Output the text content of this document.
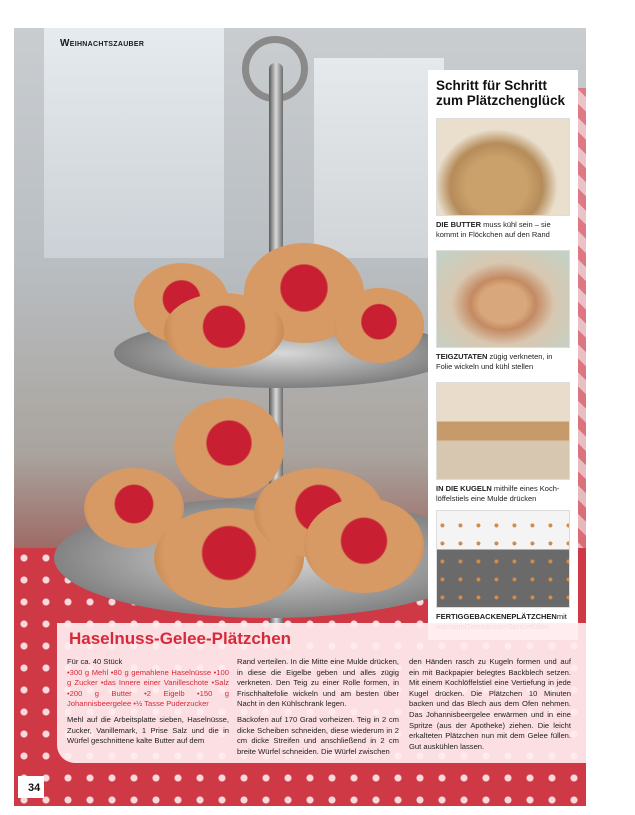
Weihnachtszauber
Schritt für Schritt zum Plätzchenglück
DIE BUTTER muss kühl sein – sie kommt in Flöckchen auf den Rand
TEIGZUTATEN zügig verkneten, in Folie wickeln und kühl stellen
IN DIE KUGELN mithilfe eines Kochlöffelstiels eine Mulde drücken
FERTIGGEBACKENEPLÄTZCHENmit
Haselnuss-Gelee-Plätzchen

Für ca. 40 Stück

•300 g Mehl •80 g gemahlene Haselnüsse •100 g Zucker •das Innere einer Vanilleschote •Salz •200 g Butter •2 Eigelb •150 g Johannisbeergelee •½ Tasse Puderzucker

Mehl auf die Arbeitsplatte sieben, Haselnüsse, Zucker, Vanillemark, 1 Prise Salz und die in Würfel geschnittene kalte Butter auf dem

Rand verteilen. In die Mitte eine Mulde drücken, in diese die Eigelbe geben und alles zügig verkneten. Den Teig zu einer Rolle formen, in Frischhaltefolie wickeln und am besten über Nacht in den Kühlschrank legen.

Backofen auf 170 Grad vorheizen. Teig in 2 cm dicke Scheiben schneiden, diese wiederum in 2 cm dicke Streifen und anschließend in 2 cm breite Würfel schneiden. Die Würfel zwischen

den Händen rasch zu Kugeln formen und auf ein mit Backpapier belegtes Backblech setzen. Mit einem Kochlöffelstiel eine Vertiefung in jede Kugel drücken. Die Plätzchen 10 Minuten backen und das Blech aus dem Ofen nehmen. Das Johannisbeergelee erwärmen und in eine Spritze (aus der Apotheke) ziehen. Die leicht erkalteten Plätzchen nun mit dem Gelee füllen. Gut auskühlen lassen.

34
